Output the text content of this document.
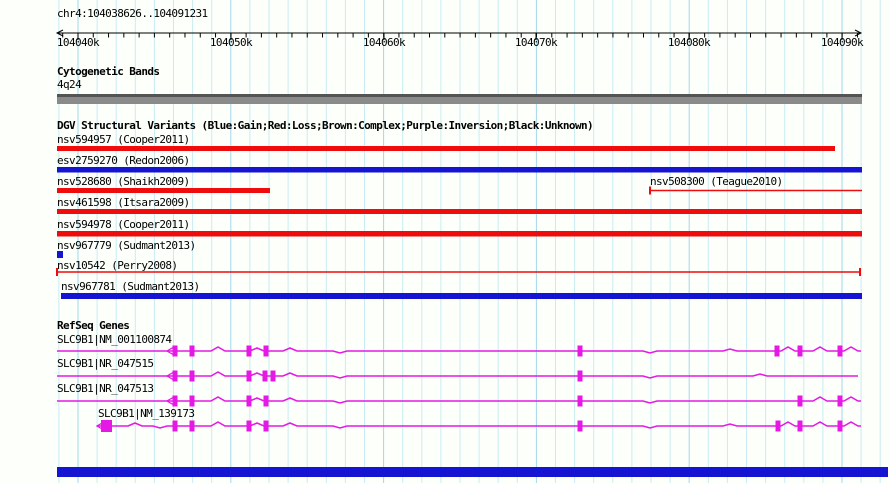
chr4:104038626..104091231
Cytogenetic Bands
4q24
DGV Structural Variants (Blue:Gain;Red:Loss;Brown:Complex;Purple:Inversion;Black:Unknown)
RefSeq Genes
104040k	104050k	104060k	104070k	104080k	104090k
nsv594957 (Cooper2011)
esv2759270 (Redon2006)
nsv528680 (Shaikh2009)	nsv508300 (Teague2010)
nsv461598 (Itsara2009)
nsv594978 (Cooper2011)
nsv967779 (Sudmant2013)
nsv10542 (Perry2008)
nsv967781 (Sudmant2013)
SLC9B1|NM_001100874
SLC9B1|NR_047515
SLC9B1|NR_047513
SLC9B1|NM_139173
